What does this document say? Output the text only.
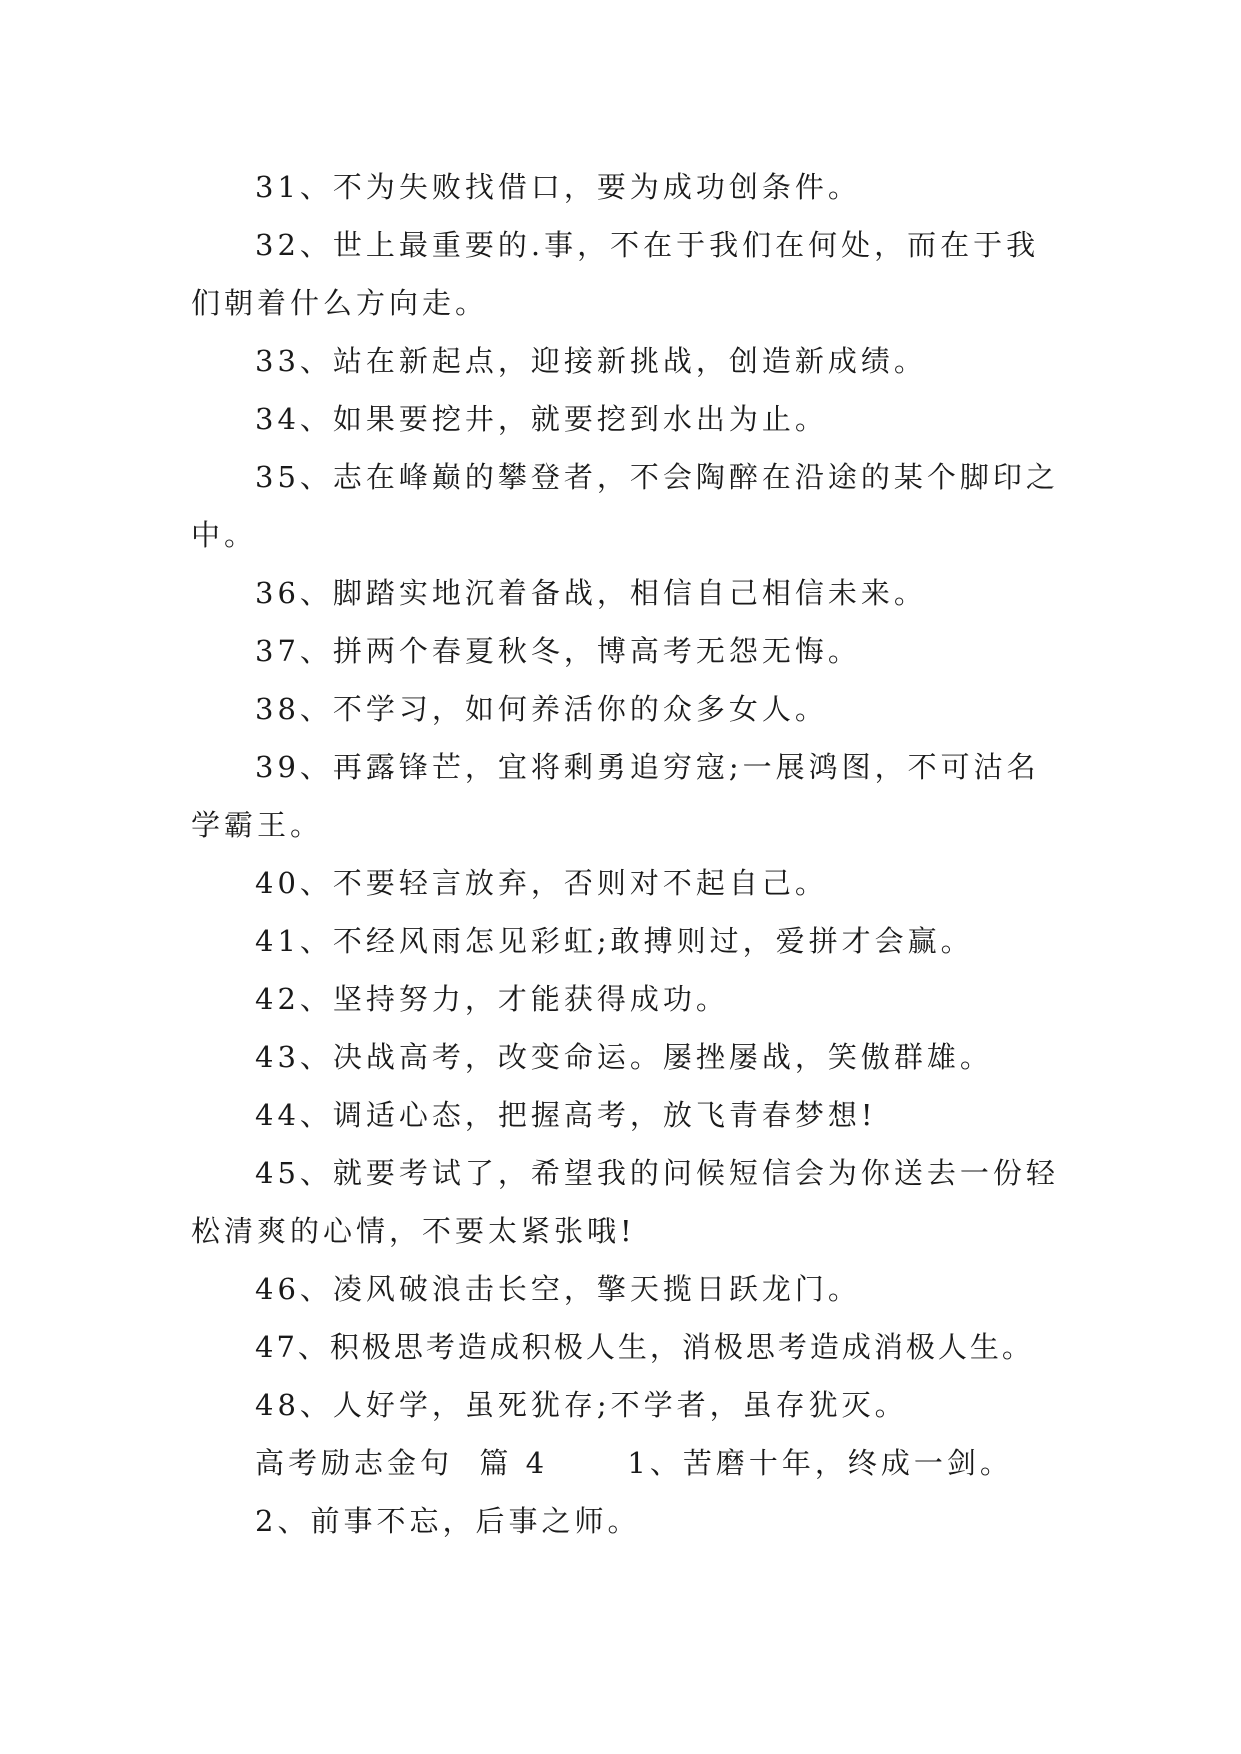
31、不为失败找借口，要为成功创条件。
32、世上最重要的.事，不在于我们在何处，而在于我
们朝着什么方向走。
33、站在新起点，迎接新挑战，创造新成绩。
34、如果要挖井，就要挖到水出为止。
35、志在峰巅的攀登者，不会陶醉在沿途的某个脚印之
中。
36、脚踏实地沉着备战，相信自己相信未来。
37、拼两个春夏秋冬，博高考无怨无悔。
38、不学习，如何养活你的众多女人。
39、再露锋芒，宜将剩勇追穷寇;一展鸿图，不可沽名
学霸王。
40、不要轻言放弃，否则对不起自己。
41、不经风雨怎见彩虹;敢搏则过，爱拼才会赢。
42、坚持努力，才能获得成功。
43、决战高考，改变命运。屡挫屡战，笑傲群雄。
44、调适心态，把握高考，放飞青春梦想!
45、就要考试了，希望我的问候短信会为你送去一份轻
松清爽的心情，不要太紧张哦!
46、凌风破浪击长空，擎天揽日跃龙门。
47、积极思考造成积极人生，消极思考造成消极人生。
48、人好学，虽死犹存;不学者，虽存犹灭。
高考励志金句  篇 4      1、苦磨十年，终成一剑。
2、前事不忘，后事之师。
